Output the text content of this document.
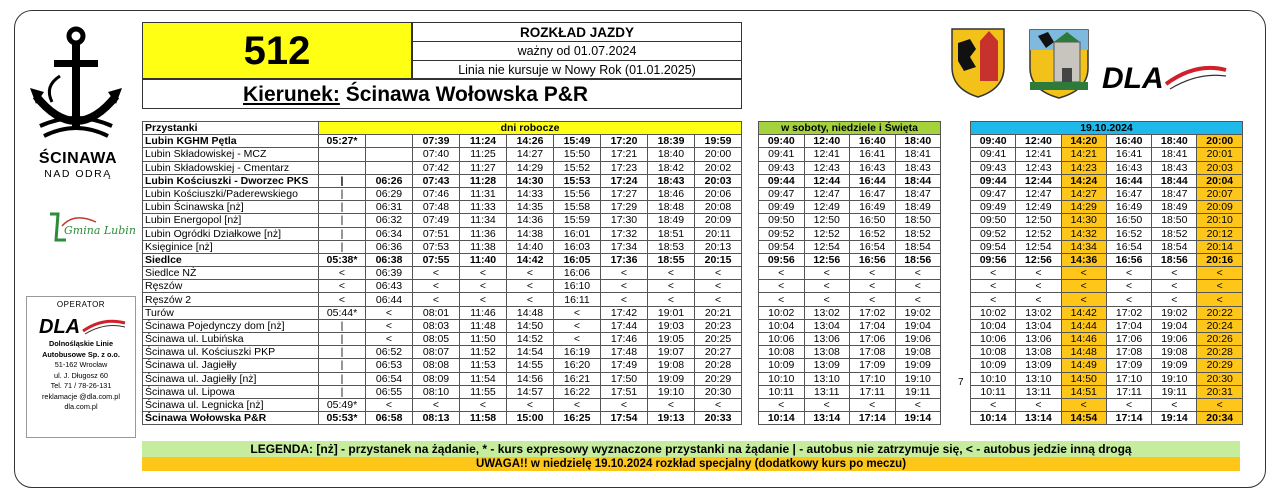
ŚCINAWA
NAD ODRĄ
Gmina Lubin
OPERATOR
DLA
Dolnośląskie Linie
Autobusowe Sp. z o.o.
51-162 Wrocław
ul. J. Długosz 60
Tel. 71 / 78-26-131
reklamacje @dla.com.pl
dla.com.pl
512	ROZKŁAD JAZDY
ważny od 01.07.2024
Linia nie kursuje w Nowy Rok (01.01.2025)
Kierunek: Ścinawa Wołowska P&R	DLA
Przystanki	dni robocze								
Lubin KGHM Pętla	05:27*		07:39	11:24	14:26	15:49	17:20	18:39	19:59
Lubin Składowiskej - MCZ			07:40	11:25	14:27	15:50	17:21	18:40	20:00
Lubin Składowskiej - Cmentarz			07:42	11:27	14:29	15:52	17:23	18:42	20:02
Lubin Kościuszki - Dworzec PKS	|	06:26	07:43	11:28	14:30	15:53	17:24	18:43	20:03
Lubin Kościuszki/Paderewskiego	|	06:29	07:46	11:31	14:33	15:56	17:27	18:46	20:06
Lubin Ścinawska [nż]	|	06:31	07:48	11:33	14:35	15:58	17:29	18:48	20:08
Lubin Energopol [nż]	|	06:32	07:49	11:34	14:36	15:59	17:30	18:49	20:09
Lubin Ogródki Działkowe [nż]	|	06:34	07:51	11:36	14:38	16:01	17:32	18:51	20:11
Księginice [nż]	|	06:36	07:53	11:38	14:40	16:03	17:34	18:53	20:13
Siedlce	05:38*	06:38	07:55	11:40	14:42	16:05	17:36	18:55	20:15
Siedlce NŻ	<	06:39	<	<	<	16:06	<	<	<
Ręszów	<	06:43	<	<	<	16:10	<	<	<
Ręszów 2	<	06:44	<	<	<	16:11	<	<	<
Turów	05:44*	<	08:01	11:46	14:48	<	17:42	19:01	20:21
Ścinawa Pojedynczy dom [nż]	|	<	08:03	11:48	14:50	<	17:44	19:03	20:23
Ścinawa ul. Lubińska	|	<	08:05	11:50	14:52	<	17:46	19:05	20:25
Ścinawa ul. Kościuszki PKP	|	06:52	08:07	11:52	14:54	16:19	17:48	19:07	20:27
Ścinawa ul. Jagiełły	|	06:53	08:08	11:53	14:55	16:20	17:49	19:08	20:28
Ścinawa ul. Jagiełły [nż]	|	06:54	08:09	11:54	14:56	16:21	17:50	19:09	20:29
Ścinawa ul. Lipowa	|	06:55	08:10	11:55	14:57	16:22	17:51	19:10	20:30
Ścinawa ul. Legnicka [nż]	05:49*	<	<	<	<	<	<	<	<
Ścinawa Wołowska P&R	05:53*	06:58	08:13	11:58	15:00	16:25	17:54	19:13	20:33
w soboty, niedziele i Święta			
09:40	12:40	16:40	18:40
09:41	12:41	16:41	18:41
09:43	12:43	16:43	18:43
09:44	12:44	16:44	18:44
09:47	12:47	16:47	18:47
09:49	12:49	16:49	18:49
09:50	12:50	16:50	18:50
09:52	12:52	16:52	18:52
09:54	12:54	16:54	18:54
09:56	12:56	16:56	18:56
<	<	<	<
<	<	<	<
<	<	<	<
10:02	13:02	17:02	19:02
10:04	13:04	17:04	19:04
10:06	13:06	17:06	19:06
10:08	13:08	17:08	19:08
10:09	13:09	17:09	19:09
10:10	13:10	17:10	19:10
10:11	13:11	17:11	19:11
<	<	<	<
10:14	13:14	17:14	19:14
19.10.2024					
09:40	12:40	14:20	16:40	18:40	20:00
09:41	12:41	14:21	16:41	18:41	20:01
09:43	12:43	14:23	16:43	18:43	20:03
09:44	12:44	14:24	16:44	18:44	20:04
09:47	12:47	14:27	16:47	18:47	20:07
09:49	12:49	14:29	16:49	18:49	20:09
09:50	12:50	14:30	16:50	18:50	20:10
09:52	12:52	14:32	16:52	18:52	20:12
09:54	12:54	14:34	16:54	18:54	20:14
09:56	12:56	14:36	16:56	18:56	20:16
<	<	<	<	<	<
<	<	<	<	<	<
<	<	<	<	<	<
10:02	13:02	14:42	17:02	19:02	20:22
10:04	13:04	14:44	17:04	19:04	20:24
10:06	13:06	14:46	17:06	19:06	20:26
10:08	13:08	14:48	17:08	19:08	20:28
10:09	13:09	14:49	17:09	19:09	20:29
10:10	13:10	14:50	17:10	19:10	20:30
10:11	13:11	14:51	17:11	19:11	20:31
<	<	<	<	<	<
10:14	13:14	14:54	17:14	19:14	20:34
7
LEGENDA: [nż] - przystanek na żądanie, * - kurs expresowy wyznaczone przystanki na żądanie | - autobus nie zatrzymuje się, < - autobus jedzie inną drogą
UWAGA!! w niedzielę 19.10.2024 rozkład specjalny (dodatkowy kurs po meczu)
